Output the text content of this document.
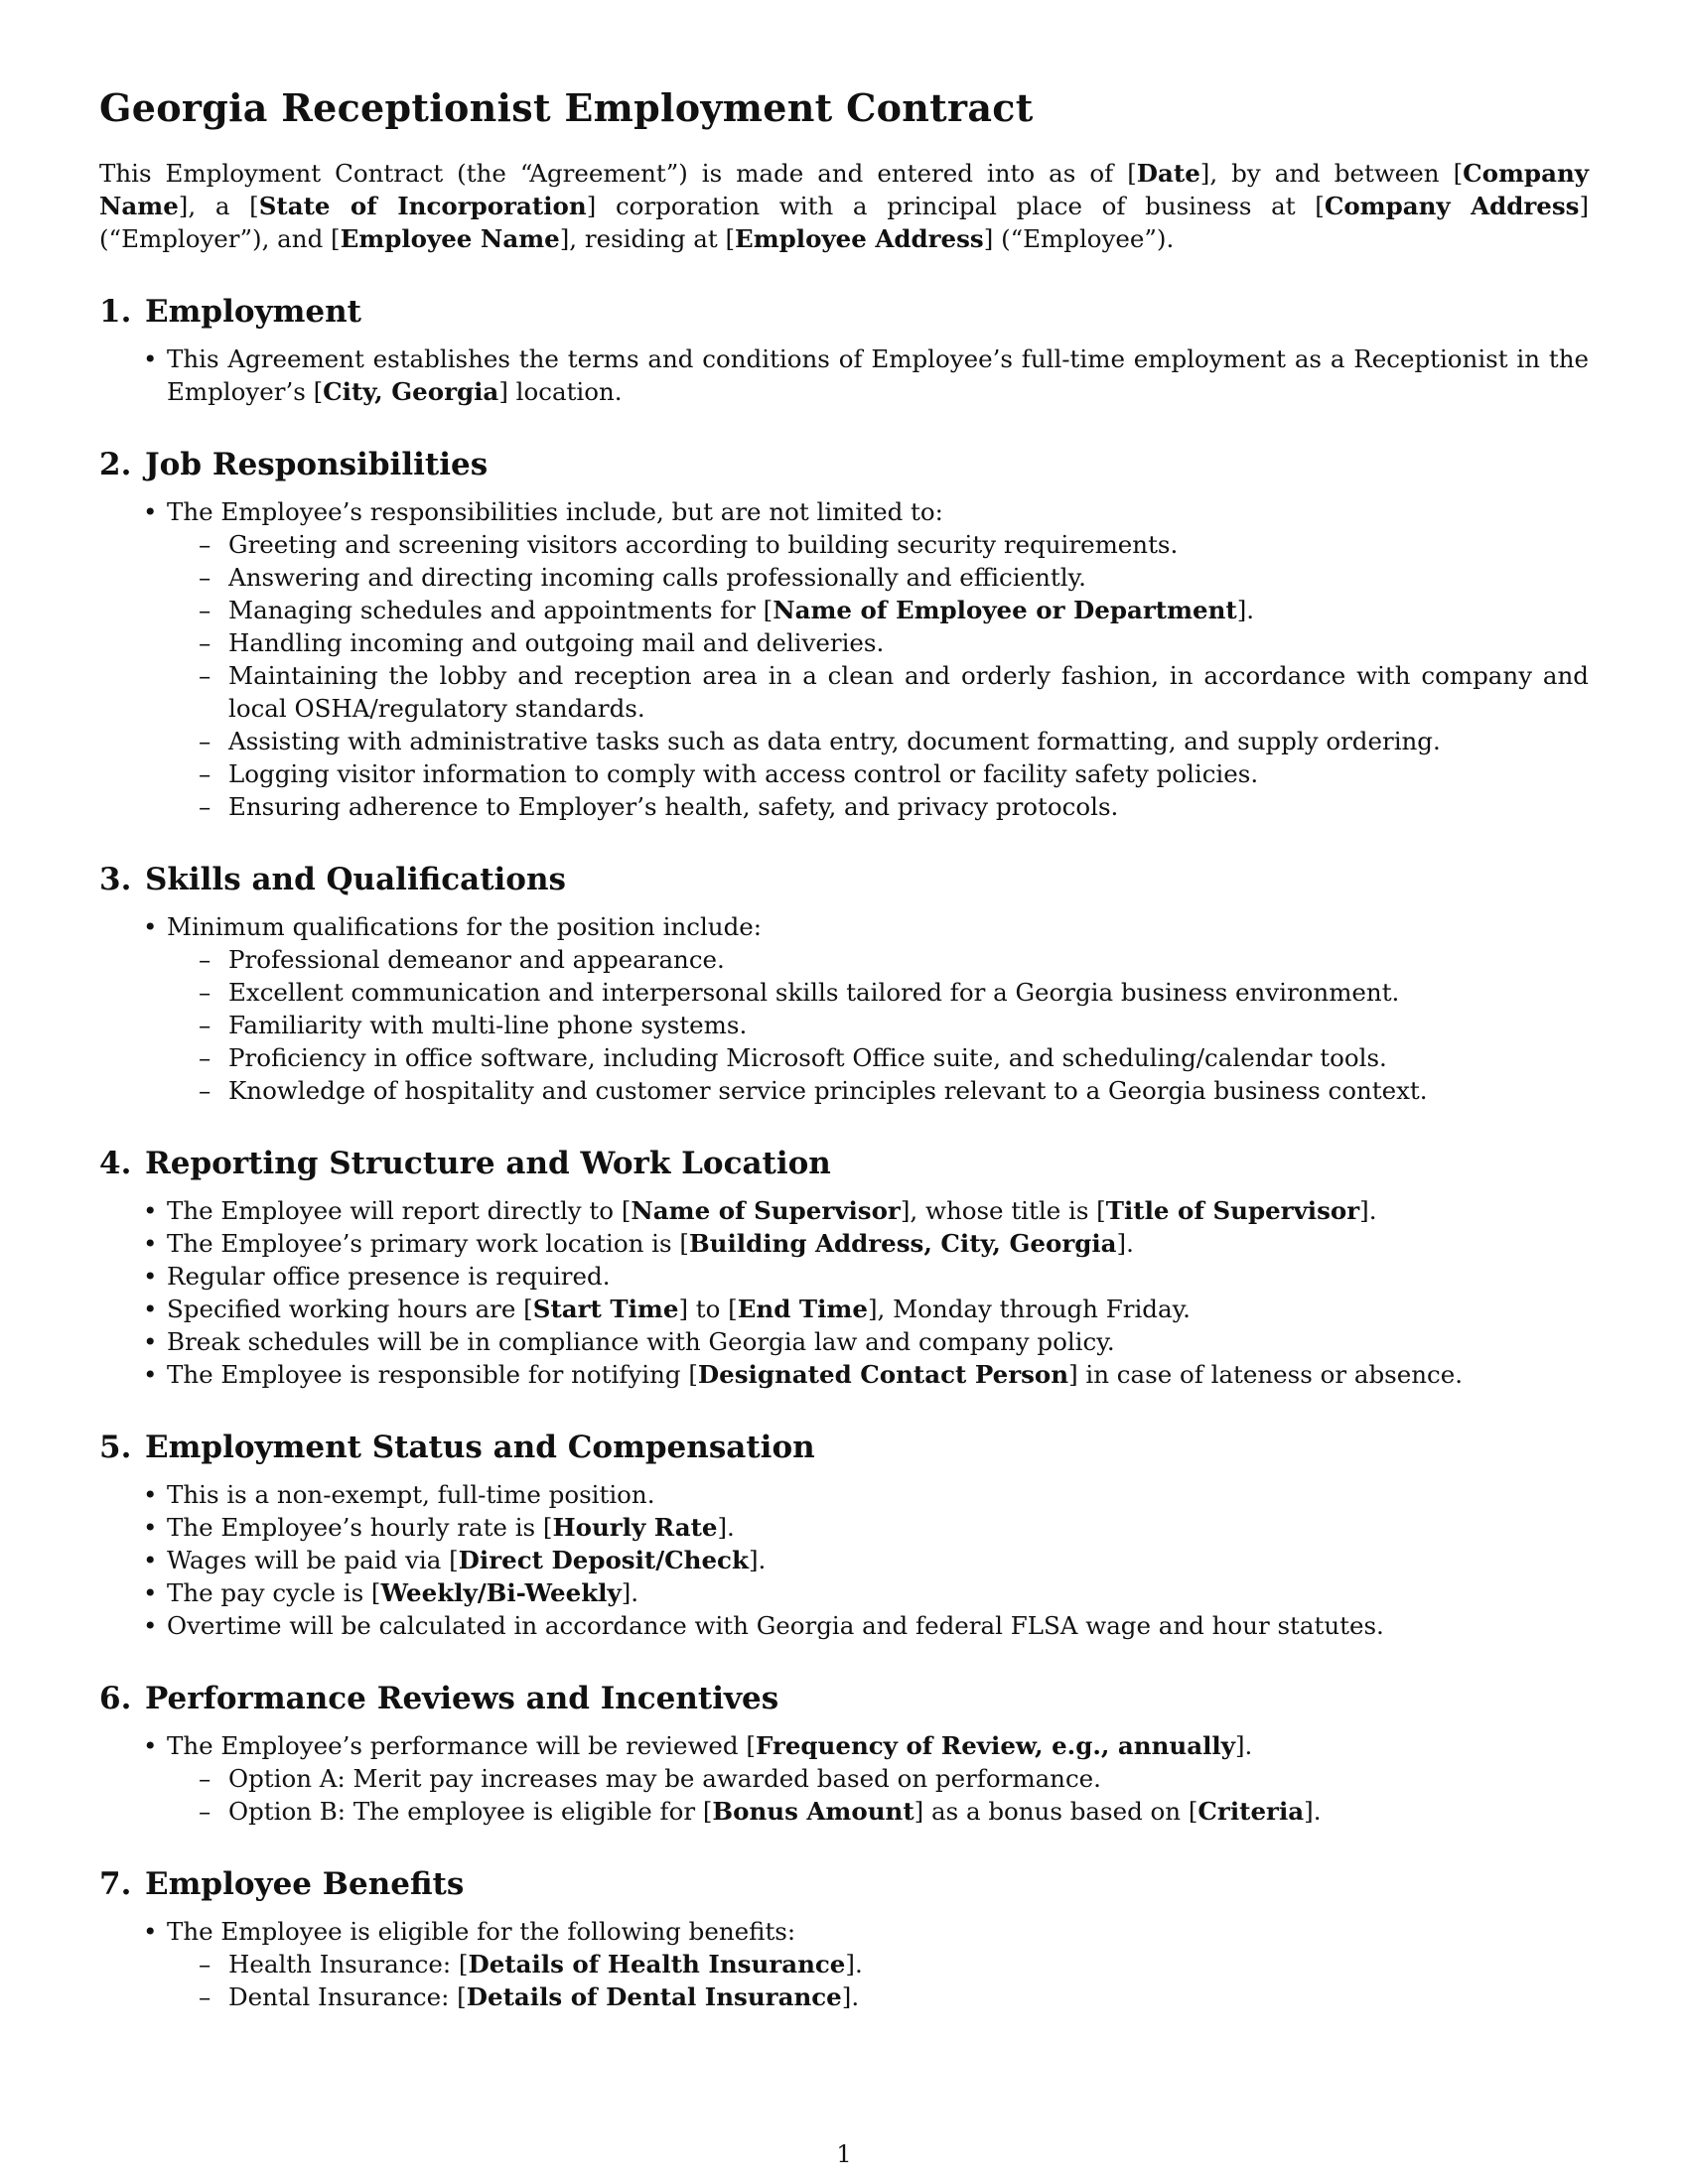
Georgia Receptionist Employment Contract

This Employment Contract (the “Agreement”) is made and entered into as of [Date], by and between [Company Name], a [State of Incorporation] corporation with a principal place of business at [Company Address] (“Employer”), and [Employee Name], residing at [Employee Address] (“Employee”).

1. Employment
• This Agreement establishes the terms and conditions of Employee’s full-time employment as a Receptionist in the Employer’s [City, Georgia] location.
2. Job Responsibilities
• The Employee’s responsibilities include, but are not limited to:
– Greeting and screening visitors according to building security requirements.
– Answering and directing incoming calls professionally and efficiently.
– Managing schedules and appointments for [Name of Employee or Department].
– Handling incoming and outgoing mail and deliveries.
– Maintaining the lobby and reception area in a clean and orderly fashion, in accordance with company and local OSHA/regulatory standards.
– Assisting with administrative tasks such as data entry, document formatting, and supply ordering.
– Logging visitor information to comply with access control or facility safety policies.
– Ensuring adherence to Employer’s health, safety, and privacy protocols.
3. Skills and Qualifications
• Minimum qualifications for the position include:
– Professional demeanor and appearance.
– Excellent communication and interpersonal skills tailored for a Georgia business environment.
– Familiarity with multi-line phone systems.
– Proficiency in office software, including Microsoft Office suite, and scheduling/calendar tools.
– Knowledge of hospitality and customer service principles relevant to a Georgia business context.
4. Reporting Structure and Work Location
• The Employee will report directly to [Name of Supervisor], whose title is [Title of Supervisor].
• The Employee’s primary work location is [Building Address, City, Georgia].
• Regular office presence is required.
• Specified working hours are [Start Time] to [End Time], Monday through Friday.
• Break schedules will be in compliance with Georgia law and company policy.
• The Employee is responsible for notifying [Designated Contact Person] in case of lateness or absence.
5. Employment Status and Compensation
• This is a non-exempt, full-time position.
• The Employee’s hourly rate is [Hourly Rate].
• Wages will be paid via [Direct Deposit/Check].
• The pay cycle is [Weekly/Bi-Weekly].
• Overtime will be calculated in accordance with Georgia and federal FLSA wage and hour statutes.
6. Performance Reviews and Incentives
• The Employee’s performance will be reviewed [Frequency of Review, e.g., annually].
– Option A: Merit pay increases may be awarded based on performance.
– Option B: The employee is eligible for [Bonus Amount] as a bonus based on [Criteria].
7. Employee Benefits
• The Employee is eligible for the following benefits:
– Health Insurance: [Details of Health Insurance].
– Dental Insurance: [Details of Dental Insurance].
1
